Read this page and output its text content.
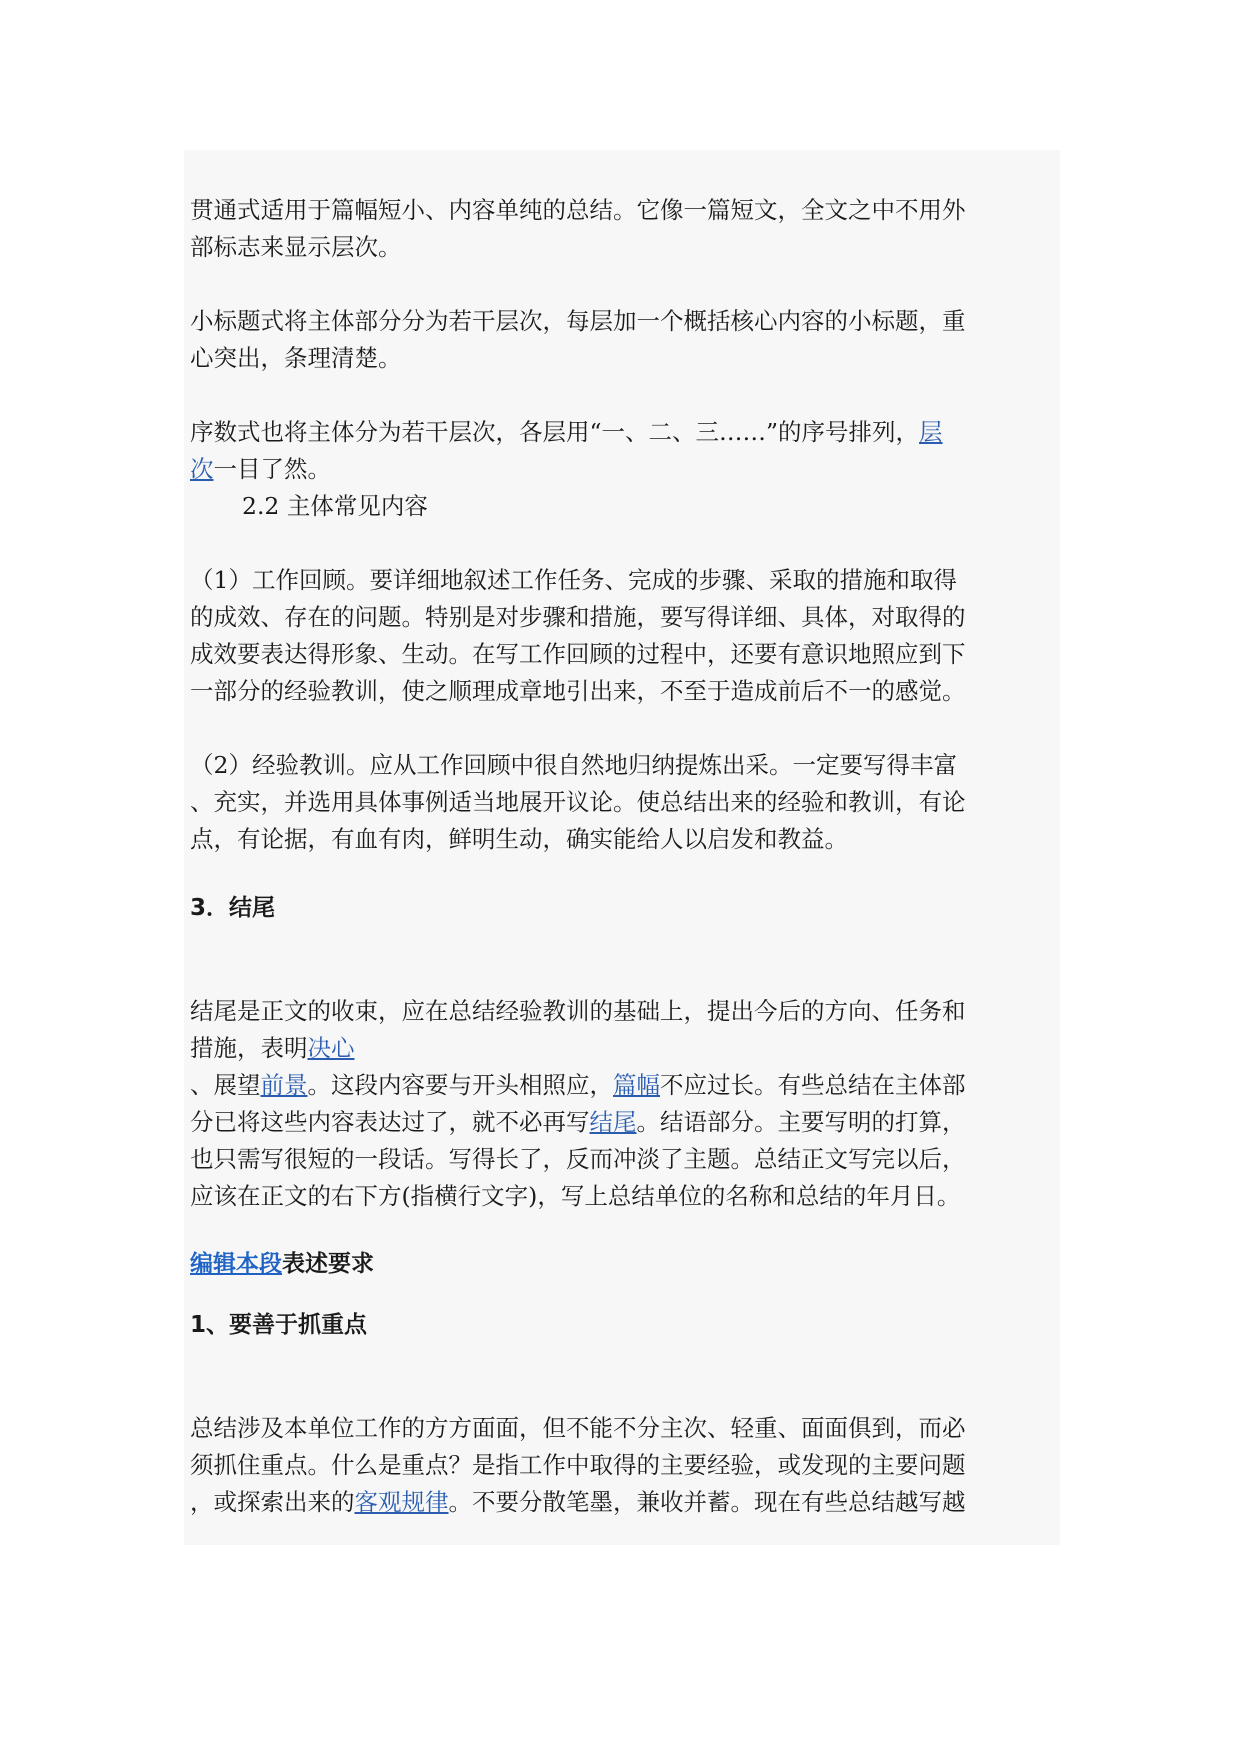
贯通式适用于篇幅短小、内容单纯的总结。它像一篇短文，全文之中不用外

部标志来显示层次。

小标题式将主体部分分为若干层次，每层加一个概括核心内容的小标题，重

心突出，条理清楚。

序数式也将主体分为若干层次，各层用“一、二、三……”的序号排列，层

次一目了然。

2.2 主体常见内容

（1）工作回顾。要详细地叙述工作任务、完成的步骤、采取的措施和取得

的成效、存在的问题。特别是对步骤和措施，要写得详细、具体，对取得的

成效要表达得形象、生动。在写工作回顾的过程中，还要有意识地照应到下

一部分的经验教训，使之顺理成章地引出来，不至于造成前后不一的感觉。

（2）经验教训。应从工作回顾中很自然地归纳提炼出采。一定要写得丰富

、充实，并选用具体事例适当地展开议论。使总结出来的经验和教训，有论

点，有论据，有血有肉，鲜明生动，确实能给人以启发和教益。

3．结尾

结尾是正文的收束，应在总结经验教训的基础上，提出今后的方向、任务和

措施，表明决心

、展望前景。这段内容要与开头相照应，篇幅不应过长。有些总结在主体部

分已将这些内容表达过了，就不必再写结尾。结语部分。主要写明的打算，

也只需写很短的一段话。写得长了，反而冲淡了主题。总结正文写完以后，

应该在正文的右下方(指横行文字)，写上总结单位的名称和总结的年月日。

编辑本段表述要求

1、要善于抓重点

总结涉及本单位工作的方方面面，但不能不分主次、轻重、面面俱到，而必

须抓住重点。什么是重点？是指工作中取得的主要经验，或发现的主要问题

，或探索出来的客观规律。不要分散笔墨，兼收并蓄。现在有些总结越写越
